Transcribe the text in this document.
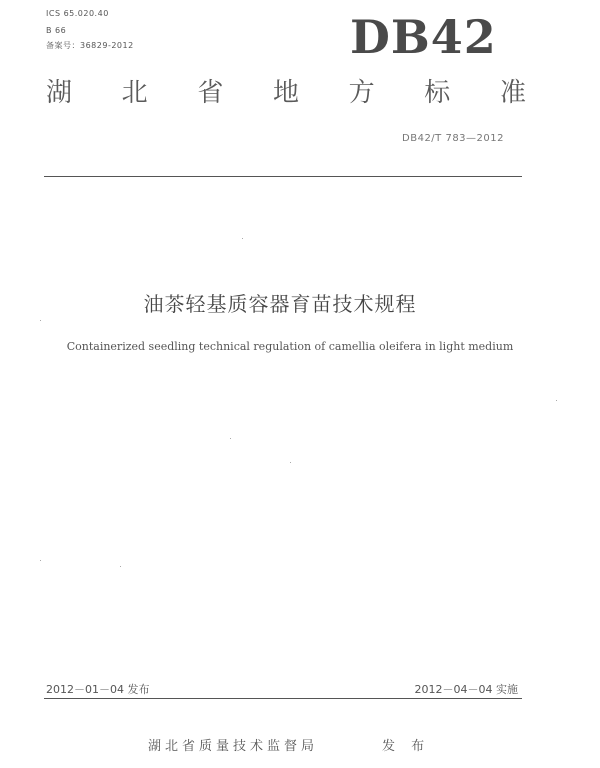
ICS 65.020.40
B 66
备案号：36829-2012	DB42
湖 北 省 地 方 标 准
DB42/T 783—2012
油茶轻基质容器育苗技术规程
Containerized seedling technical regulation of camellia oleifera in light medium
2012－01－04 发布	2012－04－04 实施
湖北省质量技术监督局	发 布
